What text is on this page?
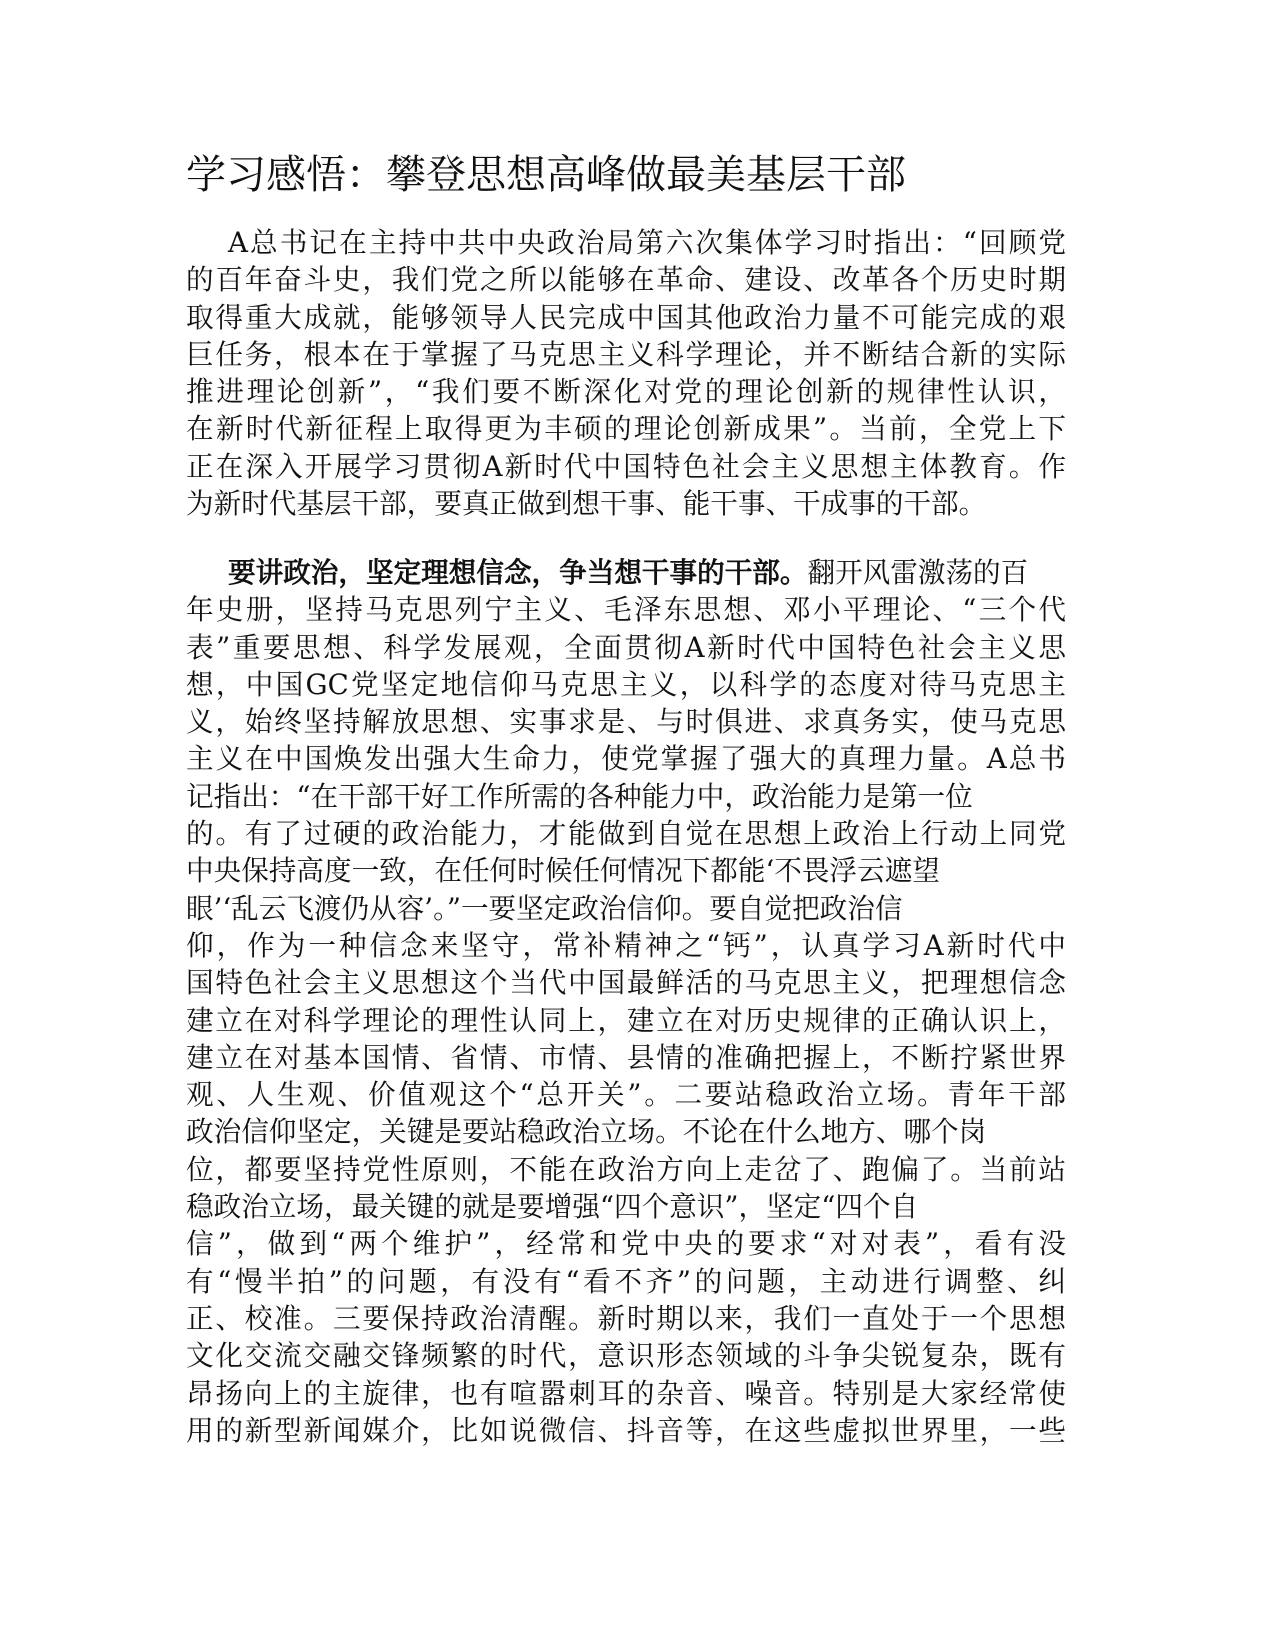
学习感悟：攀登思想高峰做最美基层干部
A总书记在主持中共中央政治局第六次集体学习时指出：“回顾党
的百年奋斗史，我们党之所以能够在革命、建设、改革各个历史时期
取得重大成就，能够领导人民完成中国其他政治力量不可能完成的艰
巨任务，根本在于掌握了马克思主义科学理论，并不断结合新的实际
推进理论创新”，“我们要不断深化对党的理论创新的规律性认识，
在新时代新征程上取得更为丰硕的理论创新成果”。当前，全党上下
正在深入开展学习贯彻A新时代中国特色社会主义思想主体教育。作
为新时代基层干部，要真正做到想干事、能干事、干成事的干部。
要讲政治，坚定理想信念，争当想干事的干部。翻开风雷激荡的百
年史册，坚持马克思列宁主义、毛泽东思想、邓小平理论、“三个代
表”重要思想、科学发展观，全面贯彻A新时代中国特色社会主义思
想，中国GC党坚定地信仰马克思主义，以科学的态度对待马克思主
义，始终坚持解放思想、实事求是、与时俱进、求真务实，使马克思
主义在中国焕发出强大生命力，使党掌握了强大的真理力量。A总书
记指出：“在干部干好工作所需的各种能力中，政治能力是第一位
的。有了过硬的政治能力，才能做到自觉在思想上政治上行动上同党
中央保持高度一致，在任何时候任何情况下都能‘不畏浮云遮望
眼’‘乱云飞渡仍从容’。”一要坚定政治信仰。要自觉把政治信
仰，作为一种信念来坚守，常补精神之“钙”，认真学习A新时代中
国特色社会主义思想这个当代中国最鲜活的马克思主义，把理想信念
建立在对科学理论的理性认同上，建立在对历史规律的正确认识上，
建立在对基本国情、省情、市情、县情的准确把握上，不断拧紧世界
观、人生观、价值观这个“总开关”。二要站稳政治立场。青年干部
政治信仰坚定，关键是要站稳政治立场。不论在什么地方、哪个岗
位，都要坚持党性原则，不能在政治方向上走岔了、跑偏了。当前站
稳政治立场，最关键的就是要增强“四个意识”，坚定“四个自
信”，做到“两个维护”，经常和党中央的要求“对对表”，看有没
有“慢半拍”的问题，有没有“看不齐”的问题，主动进行调整、纠
正、校准。三要保持政治清醒。新时期以来，我们一直处于一个思想
文化交流交融交锋频繁的时代，意识形态领域的斗争尖锐复杂，既有
昂扬向上的主旋律，也有喧嚣刺耳的杂音、噪音。特别是大家经常使
用的新型新闻媒介，比如说微信、抖音等，在这些虚拟世界里，一些
